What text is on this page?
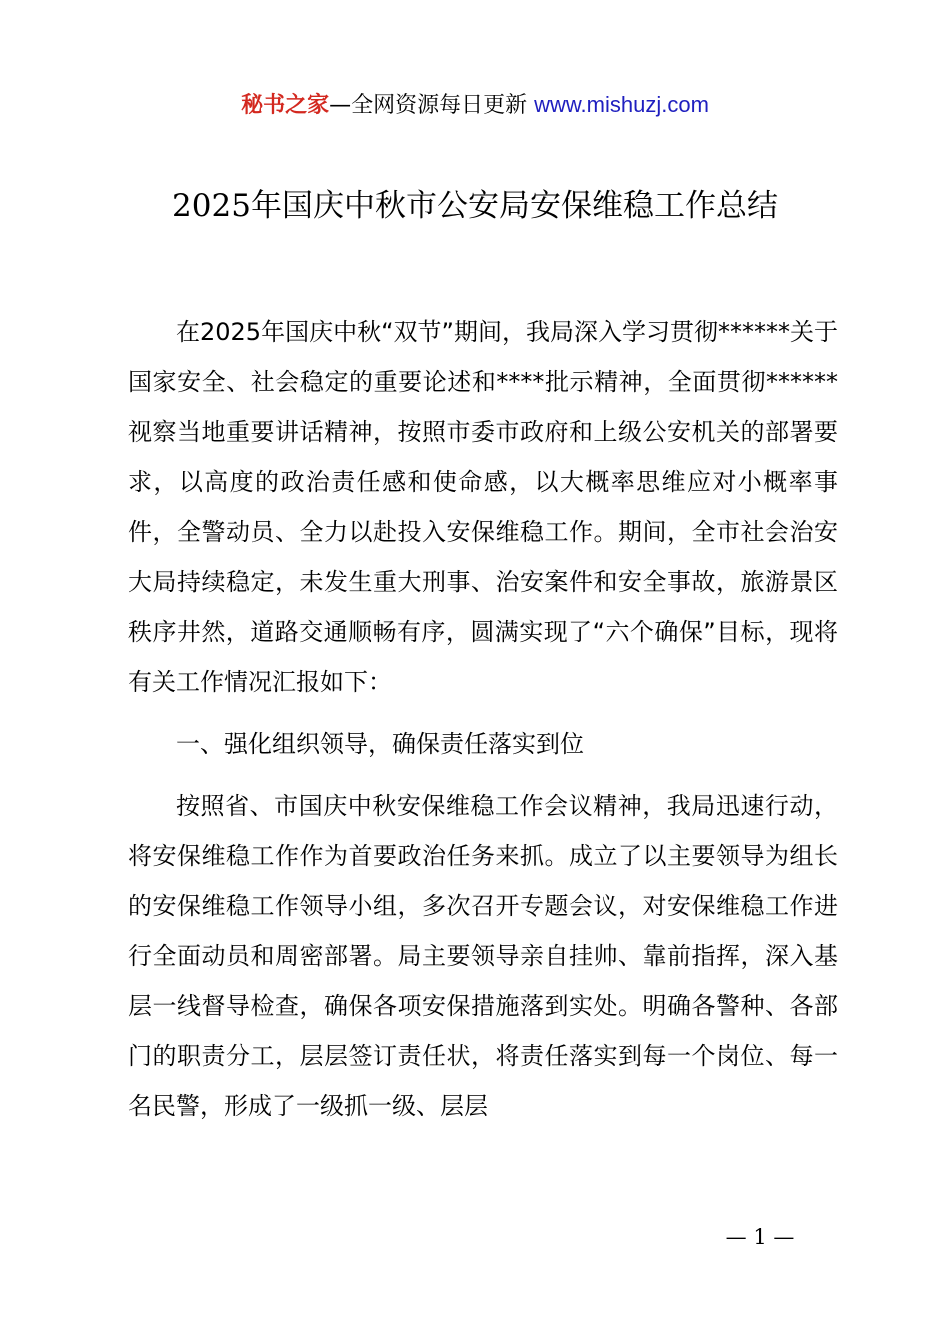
秘书之家—全网资源每日更新 www.mishuzj.com
2025年国庆中秋市公安局安保维稳工作总结

在2025年国庆中秋“双节”期间，我局深入学习贯彻******关于国家安全、社会稳定的重要论述和****批示精神，全面贯彻******视察当地重要讲话精神，按照市委市政府和上级公安机关的部署要求，以高度的政治责任感和使命感，以大概率思维应对小概率事件，全警动员、全力以赴投入安保维稳工作。期间，全市社会治安大局持续稳定，未发生重大刑事、治安案件和安全事故，旅游景区秩序井然，道路交通顺畅有序，圆满实现了“六个确保”目标，现将有关工作情况汇报如下：

一、强化组织领导，确保责任落实到位

按照省、市国庆中秋安保维稳工作会议精神，我局迅速行动，将安保维稳工作作为首要政治任务来抓。成立了以主要领导为组长的安保维稳工作领导小组，多次召开专题会议，对安保维稳工作进行全面动员和周密部署。局主要领导亲自挂帅、靠前指挥，深入基层一线督导检查，确保各项安保措施落到实处。明确各警种、各部门的职责分工，层层签订责任状，将责任落实到每一个岗位、每一名民警，形成了一级抓一级、层层

— 1 —
